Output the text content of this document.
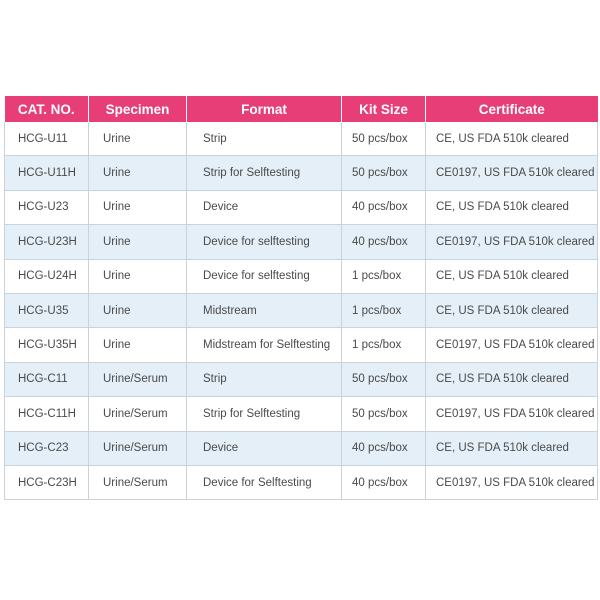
CAT. NO.	Specimen	Format	Kit Size	Certificate
HCG-U11	Urine	Strip	50 pcs/box	CE, US FDA 510k cleared
HCG-U11H	Urine	Strip for Selftesting	50 pcs/box	CE0197, US FDA 510k cleared
HCG-U23	Urine	Device	40 pcs/box	CE, US FDA 510k cleared
HCG-U23H	Urine	Device for selftesting	40 pcs/box	CE0197, US FDA 510k cleared
HCG-U24H	Urine	Device for selftesting	1 pcs/box	CE, US FDA 510k cleared
HCG-U35	Urine	Midstream	1 pcs/box	CE, US FDA 510k cleared
HCG-U35H	Urine	Midstream for Selftesting	1 pcs/box	CE0197, US FDA 510k cleared
HCG-C11	Urine/Serum	Strip	50 pcs/box	CE, US FDA 510k cleared
HCG-C11H	Urine/Serum	Strip for Selftesting	50 pcs/box	CE0197, US FDA 510k cleared
HCG-C23	Urine/Serum	Device	40 pcs/box	CE, US FDA 510k cleared
HCG-C23H	Urine/Serum	Device for Selftesting	40 pcs/box	CE0197, US FDA 510k cleared
